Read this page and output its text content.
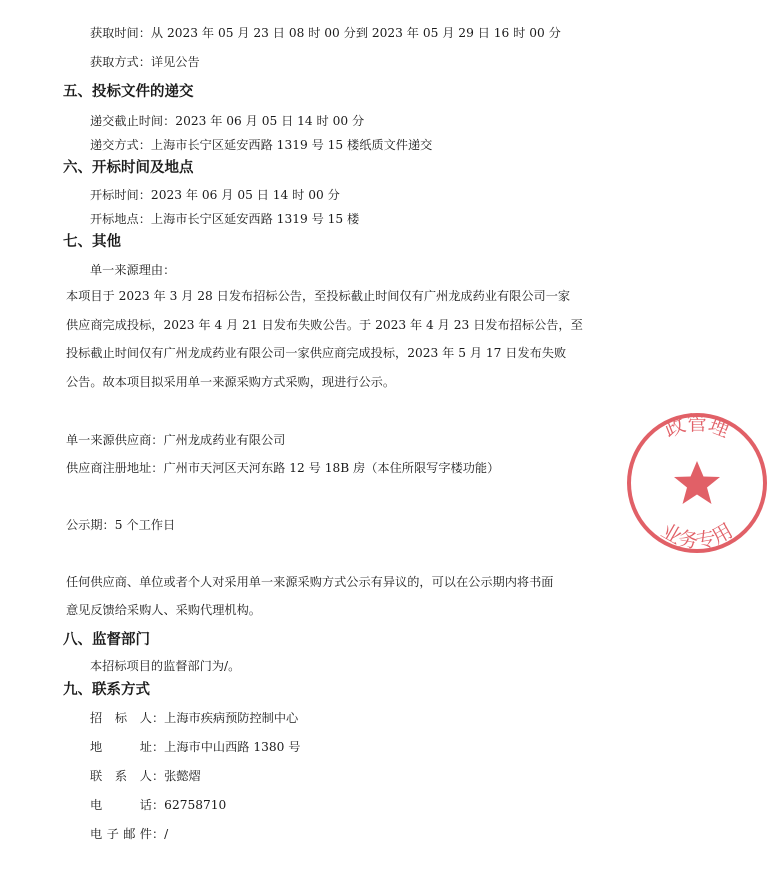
获取时间：从 2023 年 05 月 23 日 08 时 00 分到 2023 年 05 月 29 日 16 时 00 分
获取方式：详见公告
五、投标文件的递交
递交截止时间：2023 年 06 月 05 日 14 时 00 分
递交方式：上海市长宁区延安西路 1319 号 15 楼纸质文件递交
六、开标时间及地点
开标时间：2023 年 06 月 05 日 14 时 00 分
开标地点：上海市长宁区延安西路 1319 号 15 楼
七、其他
单一来源理由：
本项目于 2023 年 3 月 28 日发布招标公告，至投标截止时间仅有广州龙成药业有限公司一家
供应商完成投标，2023 年 4 月 21 日发布失败公告。于 2023 年 4 月 23 日发布招标公告，至
投标截止时间仅有广州龙成药业有限公司一家供应商完成投标，2023 年 5 月 17 日发布失败
公告。故本项目拟采用单一来源采购方式采购，现进行公示。
单一来源供应商：广州龙成药业有限公司
供应商注册地址：广州市天河区天河东路 12 号 18B 房（本住所限写字楼功能）
公示期：5 个工作日
任何供应商、单位或者个人对采用单一来源采购方式公示有异议的，可以在公示期内将书面
意见反馈给采购人、采购代理机构。
八、监督部门
本招标项目的监督部门为/。
九、联系方式
招标人：上海市疾病预防控制中心
地址：上海市中山西路 1380 号
联系人：张懿熠
电话：62758710
电子邮件：/
政管理
业务专用
